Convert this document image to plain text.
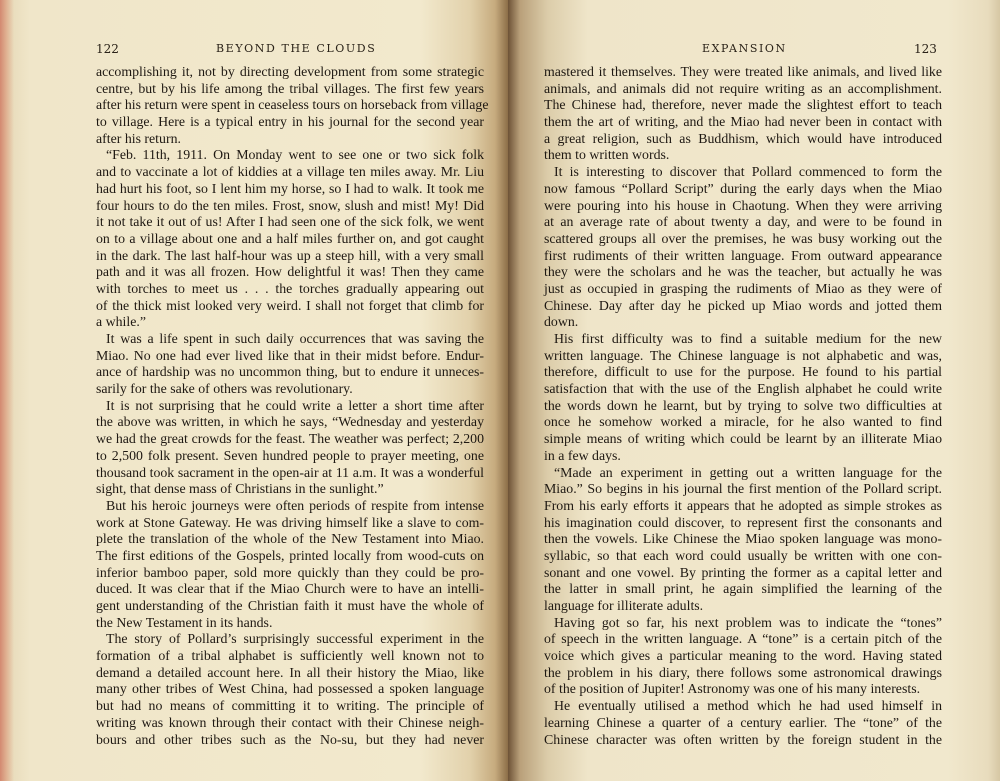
122	BEYOND THE CLOUDS
accomplishing it, not by directing development from some strategic
centre, but by his life among the tribal villages. The first few years
after his return were spent in ceaseless tours on horseback from village
to village. Here is a typical entry in his journal for the second year
after his return.
“Feb. 11th, 1911. On Monday went to see one or two sick folk
and to vaccinate a lot of kiddies at a village ten miles away. Mr. Liu
had hurt his foot, so I lent him my horse, so I had to walk. It took me
four hours to do the ten miles. Frost, snow, slush and mist! My! Did
it not take it out of us! After I had seen one of the sick folk, we went
on to a village about one and a half miles further on, and got caught
in the dark. The last half-hour was up a steep hill, with a very small
path and it was all frozen. How delightful it was! Then they came
with torches to meet us . . . the torches gradually appearing out
of the thick mist looked very weird. I shall not forget that climb for
a while.”
It was a life spent in such daily occurrences that was saving the
Miao. No one had ever lived like that in their midst before. Endur-
ance of hardship was no uncommon thing, but to endure it unneces-
sarily for the sake of others was revolutionary.
It is not surprising that he could write a letter a short time after
the above was written, in which he says, “Wednesday and yesterday
we had the great crowds for the feast. The weather was perfect; 2,200
to 2,500 folk present. Seven hundred people to prayer meeting, one
thousand took sacrament in the open-air at 11 a.m. It was a wonderful
sight, that dense mass of Christians in the sunlight.”
But his heroic journeys were often periods of respite from intense
work at Stone Gateway. He was driving himself like a slave to com-
plete the translation of the whole of the New Testament into Miao.
The first editions of the Gospels, printed locally from wood-cuts on
inferior bamboo paper, sold more quickly than they could be pro-
duced. It was clear that if the Miao Church were to have an intelli-
gent understanding of the Christian faith it must have the whole of
the New Testament in its hands.
The story of Pollard’s surprisingly successful experiment in the
formation of a tribal alphabet is sufficiently well known not to
demand a detailed account here. In all their history the Miao, like
many other tribes of West China, had possessed a spoken language
but had no means of committing it to writing. The principle of
writing was known through their contact with their Chinese neigh-
bours and other tribes such as the No-su, but they had never
EXPANSION	123
mastered it themselves. They were treated like animals, and lived like
animals, and animals did not require writing as an accomplishment.
The Chinese had, therefore, never made the slightest effort to teach
them the art of writing, and the Miao had never been in contact with
a great religion, such as Buddhism, which would have introduced
them to written words.
It is interesting to discover that Pollard commenced to form the
now famous “Pollard Script” during the early days when the Miao
were pouring into his house in Chaotung. When they were arriving
at an average rate of about twenty a day, and were to be found in
scattered groups all over the premises, he was busy working out the
first rudiments of their written language. From outward appearance
they were the scholars and he was the teacher, but actually he was
just as occupied in grasping the rudiments of Miao as they were of
Chinese. Day after day he picked up Miao words and jotted them
down.
His first difficulty was to find a suitable medium for the new
written language. The Chinese language is not alphabetic and was,
therefore, difficult to use for the purpose. He found to his partial
satisfaction that with the use of the English alphabet he could write
the words down he learnt, but by trying to solve two difficulties at
once he somehow worked a miracle, for he also wanted to find
simple means of writing which could be learnt by an illiterate Miao
in a few days.
“Made an experiment in getting out a written language for the
Miao.” So begins in his journal the first mention of the Pollard script.
From his early efforts it appears that he adopted as simple strokes as
his imagination could discover, to represent first the consonants and
then the vowels. Like Chinese the Miao spoken language was mono-
syllabic, so that each word could usually be written with one con-
sonant and one vowel. By printing the former as a capital letter and
the latter in small print, he again simplified the learning of the
language for illiterate adults.
Having got so far, his next problem was to indicate the “tones”
of speech in the written language. A “tone” is a certain pitch of the
voice which gives a particular meaning to the word. Having stated
the problem in his diary, there follows some astronomical drawings
of the position of Jupiter! Astronomy was one of his many interests.
He eventually utilised a method which he had used himself in
learning Chinese a quarter of a century earlier. The “tone” of the
Chinese character was often written by the foreign student in the
